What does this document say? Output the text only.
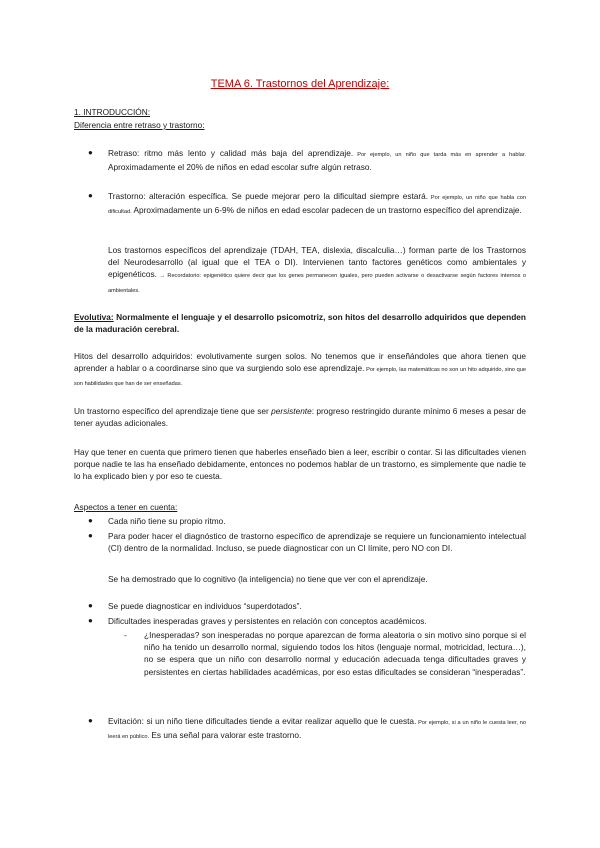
TEMA 6. Trastornos del Aprendizaje:
1. INTRODUCCIÓN:
Diferencia entre retraso y trastorno:
● Retraso: ritmo más lento y calidad más baja del aprendizaje. Por ejemplo, un niño que tarda más en aprender a hablar. Aproximadamente el 20% de niños en edad escolar sufre algún retraso.

● Trastorno: alteración específica. Se puede mejorar pero la dificultad siempre estará. Por ejemplo, un niño que habla con dificultad. Aproximadamente un 6-9% de niños en edad escolar padecen de un trastorno específico del aprendizaje.

Los trastornos específicos del aprendizaje (TDAH, TEA, dislexia, discalculia…) forman parte de los Trastornos del Neurodesarrollo (al igual que el TEA o DI). Intervienen tanto factores genéticos como ambientales y epigenéticos. → Recordatorio: epigenético quiere decir que los genes permanecen iguales, pero pueden activarse o desactivarse según factores internos o ambientales.

Evolutiva: Normalmente el lenguaje y el desarrollo psicomotriz, son hitos del desarrollo adquiridos que dependen de la maduración cerebral.

Hitos del desarrollo adquiridos: evolutivamente surgen solos. No tenemos que ir enseñándoles que ahora tienen que aprender a hablar o a coordinarse sino que va surgiendo solo ese aprendizaje. Por ejemplo, las matemáticas no son un hito adquirido, sino que son habilidades que han de ser enseñadas.

Un trastorno específico del aprendizaje tiene que ser persistente: progreso restringido durante mínimo 6 meses a pesar de tener ayudas adicionales.

Hay que tener en cuenta que primero tienen que haberles enseñado bien a leer, escribir o contar. Si las dificultades vienen porque nadie te las ha enseñado debidamente, entonces no podemos hablar de un trastorno, es simplemente que nadie te lo ha explicado bien y por eso te cuesta.

Aspectos a tener en cuenta:
● Cada niño tiene su propio ritmo.

● Para poder hacer el diagnóstico de trastorno específico de aprendizaje se requiere un funcionamiento intelectual (CI) dentro de la normalidad. Incluso, se puede diagnosticar con un CI límite, pero NO con DI.

Se ha demostrado que lo cognitivo (la inteligencia) no tiene que ver con el aprendizaje.

● Se puede diagnosticar en individuos “superdotados”.

● Dificultades inesperadas graves y persistentes en relación con conceptos académicos.

- ¿Inesperadas? son inesperadas no porque aparezcan de forma aleatoria o sin motivo sino porque si el niño ha tenido un desarrollo normal, siguiendo todos los hitos (lenguaje normal, motricidad, lectura…), no se espera que un niño con desarrollo normal y educación adecuada tenga dificultades graves y persistentes en ciertas habilidades académicas, por eso estas dificultades se consideran “inesperadas”.

● Evitación: si un niño tiene dificultades tiende a evitar realizar aquello que le cuesta. Por ejemplo, si a un niño le cuesta leer, no leerá en público. Es una señal para valorar este trastorno.
